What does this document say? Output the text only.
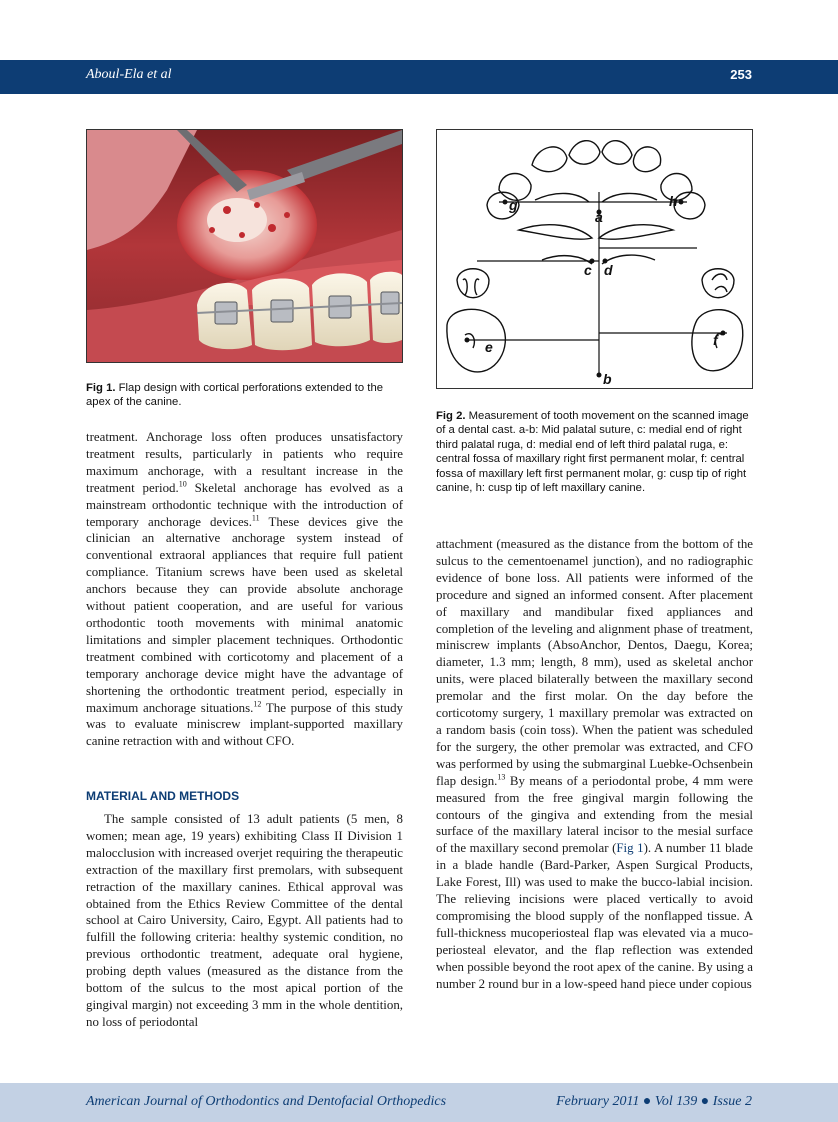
Aboul-Ela et al	253
Fig 1. Flap design with cortical perforations extended to the apex of the canine.
a
b
c d
e	f
g	h
Fig 2. Measurement of tooth movement on the scanned image of a dental cast. a-b: Mid palatal suture, c: medial end of right third palatal ruga, d: medial end of left third palatal ruga, e: central fossa of maxillary right first permanent molar, f: central fossa of maxillary left first permanent molar, g: cusp tip of right canine, h: cusp tip of left maxillary canine.

treatment. Anchorage loss often produces unsatisfactory treatment results, particularly in patients who require maximum anchorage, with a resultant increase in the treatment period.$^{10}$ Skeletal anchorage has evolved as a mainstream orthodontic technique with the introduction of temporary anchorage devices.$^{11}$ These devices give the clinician an alternative anchorage system instead of conventional extraoral appliances that require full patient compliance. Titanium screws have been used as skeletal anchors because they can provide absolute anchorage without patient cooperation, and are useful for various orthodontic tooth movements with minimal anatomic limitations and simpler placement techniques. Orthodontic treatment combined with corticotomy and placement of a temporary anchorage device might have the advantage of shortening the orthodontic treatment period, especially in maximum anchorage situations.$^{12}$ The purpose of this study was to evaluate miniscrew implant-supported maxillary canine retraction with and without CFO.

MATERIAL AND METHODS

The sample consisted of 13 adult patients (5 men, 8 women; mean age, 19 years) exhibiting Class II Division 1 malocclusion with increased overjet requiring the therapeutic extraction of the maxillary first premolars, with subsequent retraction of the maxillary canines. Ethical approval was obtained from the Ethics Review Committee of the dental school at Cairo University, Cairo, Egypt. All patients had to fulfill the following criteria: healthy systemic condition, no previous orthodontic treatment, adequate oral hygiene, probing depth values (measured as the distance from the bottom of the sulcus to the most apical portion of the gingival margin) not exceeding 3 mm in the whole dentition, no loss of periodontal

attachment (measured as the distance from the bottom of the sulcus to the cementoenamel junction), and no radiographic evidence of bone loss. All patients were informed of the procedure and signed an informed consent. After placement of maxillary and mandibular fixed appliances and completion of the leveling and alignment phase of treatment, miniscrew implants (AbsoAnchor, Dentos, Daegu, Korea; diameter, 1.3 mm; length, 8 mm), used as skeletal anchor units, were placed bilaterally between the maxillary second premolar and the first molar. On the day before the corticotomy surgery, 1 maxillary premolar was extracted on a random basis (coin toss). When the patient was scheduled for the surgery, the other premolar was extracted, and CFO was performed by using the submarginal Luebke-Ochsenbein flap design.$^{13}$ By means of a periodontal probe, 4 mm were measured from the free gingival margin following the contours of the gingiva and extending from the mesial surface of the maxillary lateral incisor to the mesial surface of the maxillary second premolar (Fig 1). A number 11 blade in a blade handle (Bard-Parker, Aspen Surgical Products, Lake Forest, Ill) was used to make the bucco-labial incision. The relieving incisions were placed vertically to avoid compromising the blood supply of the nonflapped tissue. A full-thickness mucoperiosteal flap was elevated via a muco-periosteal elevator, and the flap reflection was extended when possible beyond the root apex of the canine. By using a number 2 round bur in a low-speed hand piece under copious

American Journal of Orthodontics and Dentofacial Orthopedics	February 2011 ● Vol 139 ● Issue 2
